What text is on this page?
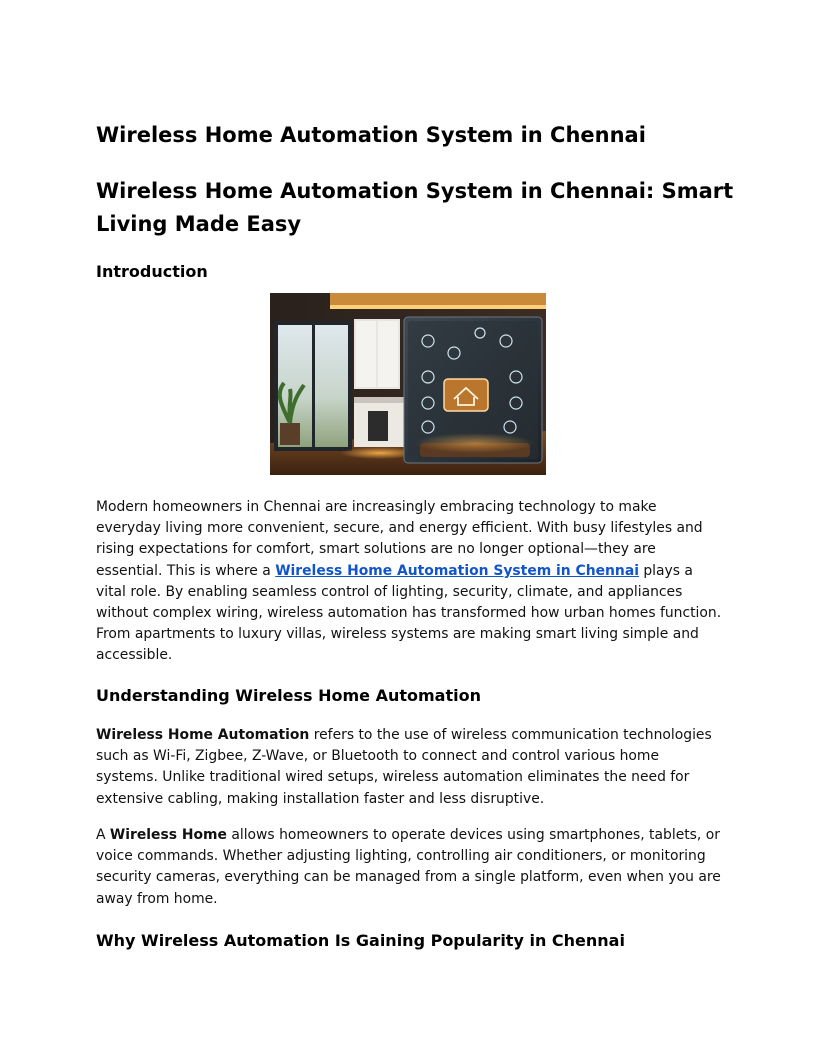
Wireless Home Automation System in Chennai
Wireless Home Automation System in Chennai: Smart Living Made Easy
Introduction

Modern homeowners in Chennai are increasingly embracing technology to make everyday living more convenient, secure, and energy efficient. With busy lifestyles and rising expectations for comfort, smart solutions are no longer optional—they are essential. This is where a Wireless Home Automation System in Chennai plays a vital role. By enabling seamless control of lighting, security, climate, and appliances without complex wiring, wireless automation has transformed how urban homes function. From apartments to luxury villas, wireless systems are making smart living simple and accessible.

Understanding Wireless Home Automation

Wireless Home Automation refers to the use of wireless communication technologies such as Wi-Fi, Zigbee, Z-Wave, or Bluetooth to connect and control various home systems. Unlike traditional wired setups, wireless automation eliminates the need for extensive cabling, making installation faster and less disruptive.

A Wireless Home allows homeowners to operate devices using smartphones, tablets, or voice commands. Whether adjusting lighting, controlling air conditioners, or monitoring security cameras, everything can be managed from a single platform, even when you are away from home.

Why Wireless Automation Is Gaining Popularity in Chennai
